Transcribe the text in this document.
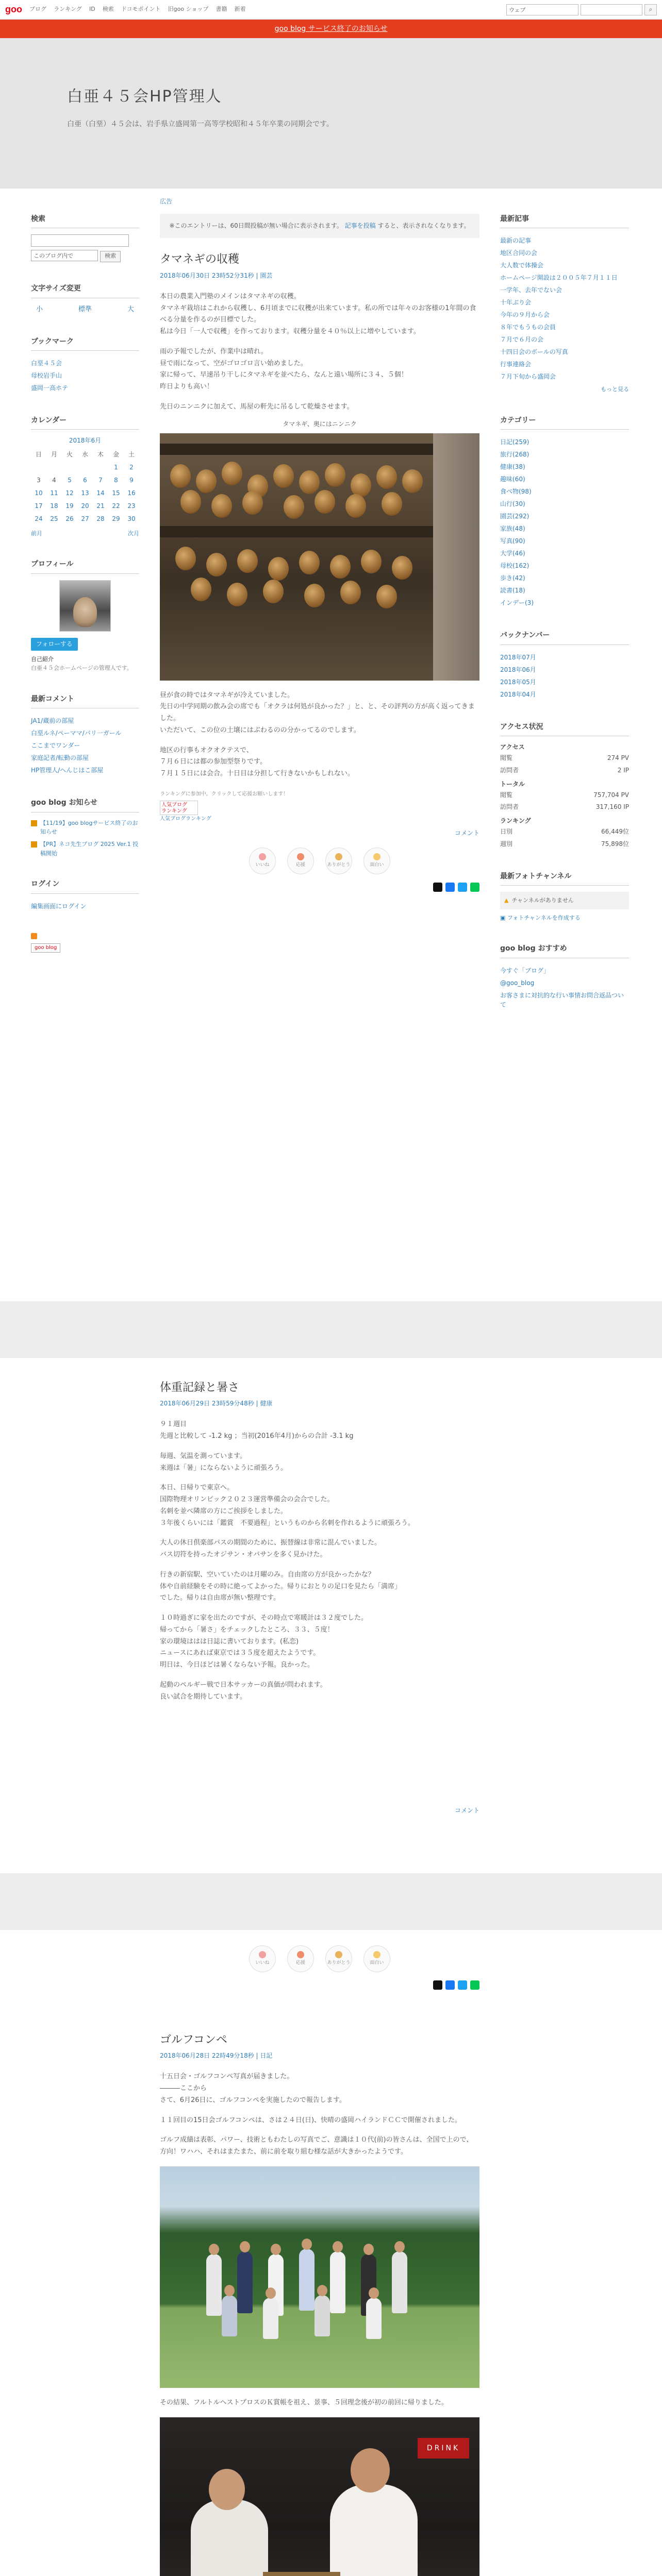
goo ブログ ランキング ID 検索 ドコモポイント 旧goo ショップ 書籍 新着	ウェブ	⌕
goo blog サービス終了のお知らせ
白亜４５会HP管理人

白亜（白堊）４５会は、岩手県立盛岡第一高等学校昭和４５年卒業の同期会です。

検索
このブログ内で	検索
文字サイズ変更
小	標準	大
ブックマーク
白堊４５会
母校岩手山
盛岡一高ホテ
カレンダー
2018年6月
日	月	火	水	木	金	土
					1	2
3	4	5	6	7	8	9
10	11	12	13	14	15	16
17	18	19	20	21	22	23
24	25	26	27	28	29	30
前月	次月
プロフィール
フォローする
自己紹介
白亜４５会ホームページの管理人です。
最新コメント
JA1/蔵前の部屋
白堊ルネ/ペーママ/パリ一ガール
ここまでワンダー
家庭記者/転勤の部屋
HP管理人/へんじはこ部屋
goo blog お知らせ
【11/19】goo blogサービス終了のお知らせ
【PR】ネコ先生ブログ 2025 Ver.1 投稿開始
ログイン
編集画面にログイン
goo blog
広告
※このエントリーは、60日間投稿が無い場合に表示されます。 記事を投稿 すると、表示されなくなります。
タマネギの収穫
2018年06月30日 23時52分31秒 | 園芸

本日の農業入門塾のメインはタマネギの収穫。

タマネギ栽培はこれから収穫し、6月頃までに収穫が出来ています。私の所では年々のお客様の1年間の食べる分量を作るのが目標でした。

私は今日「一人で収穫」を作っております。収穫分量を４０％以上に増やしています。

雨の予報でしたが、作業中は晴れ。

昼で雨になって、空がゴロゴロ言い始めました。

家に帰って、早速吊り干しにタマネギを並べたら、なんと遠い場所に３４、５個！

昨日よりも高い！

先日のニンニクに加えて、馬屋の軒先に吊るして乾燥させます。

タマネギ、奥にはニンニク

昼が食の時ではタマネギが冷えていました。

先日の中学同期の飲み会の席でも「オクラは何処が良かった？」と、と、その評判の方が高く返ってきました。

いただいて、この位の土壌にはぶわるのの分かってるのでします。

地区の行事もオクオクテスで、

７月６日には都の参加型祭りです。

７月１５日には会合。十日目は分担して行きないかもしれない。

ランキングに参加中。クリックして応援お願いします！
人気ブログ
ランキング
人気ブログランキング
コメント
いいね	応援	ありがとう	面白い
最新記事
最新の記事
地区合同の会
大人数で体操会
ホームページ開設は２００５年７月１１日
一学年、去年でない会
十年ぶり会
今年の９月から会
８年でもうもの会員
７月で６月の会
十四日会のボールの写真
行事連絡会
７月下旬から盛岡会
もっと見る
カテゴリー
日記(259)
旅行(268)
健康(38)
趣味(60)
食べ物(98)
山行(30)
園芸(292)
家族(48)
写真(90)
大学(46)
母校(162)
歩き(42)
読書(18)
インデー(3)
バックナンバー
2018年07月
2018年06月
2018年05月
2018年04月
アクセス状況
アクセス
閲覧	274 PV
訪問者	2 IP
トータル
閲覧	757,704 PV
訪問者	317,160 IP
ランキング
日別	66,449位
週別	75,898位
最新フォトチャンネル
▲ チャンネルがありません
▣ フォトチャンネルを作成する
goo blog おすすめ
今すぐ「ブログ」
@goo_blog
お客さまに対抗的な行い事情お問合返品ついて
体重記録と暑さ
2018年06月29日 23時59分48秒 | 健康

９１週目

先週と比較して -1.2 kg ；当初(2016年4月)からの合計 -3.1 kg

毎週、気温を測っています。

来週は「暑」にならないように頑張ろう。

本日、日帰りで東京へ。

国際物理オリンピック２０２３運営準備会の会合でした。

名刺を並べ隣席の方にご挨拶をしました。

３年後くらいには「鑑賞　不要過程」というものから名刺を作れるように頑張ろう。

大人の休日倶楽部パスの期間のために、振替線は非常に混んでいました。

バス切符を持ったオジサン・オバサンを多く見かけた。

行きの新宿駅、空いていたのは月曜のみ。自由席の方が良かったかな？

体や自前経験をその時に絶ってよかった。帰りにおとりの足口を見たら「満席」

でした。帰りは自由席が無い整理です。

１０時過ぎに家を出たのですが、その時点で寒暖計は３２度でした。

帰ってから「暑さ」をチェックしたところ、３３、５度！

家の環境ははは日誌に書いております。(私恋)

ニュースにあれば東京では３５度を超えたようです。

明日は、今日ほどは暑くならない予報。良かった。

起動のペルギー戦で日本サッカーの真価が問われます。

良い試合を期待しています。

コメント
いいね	応援	ありがとう	面白い
ゴルフコンペ
2018年06月28日 22時49分18秒 | 日記

十五日会・ゴルフコンペ写真が届きました。

―――ここから

さて、6月26日に、ゴルフコンペを実施したので報告します。

１１回目の15日会ゴルフコンペは、さは２４日(日)、快晴の盛岡ハイランドＣＣで開催されました。

ゴルフ成績は表彰、パワー、技術ともわたしの写真でご、意識は１０代(前)の皆さんは、全国で上ので、方向！ワハハ、それはまたまた、前に前を取り組む様な話が大きかったようです。

その結果、フルトルヘストプロスのＫ賞帳を祖え、景事、５回理念後が初の前回に帰りました。

DRINK
